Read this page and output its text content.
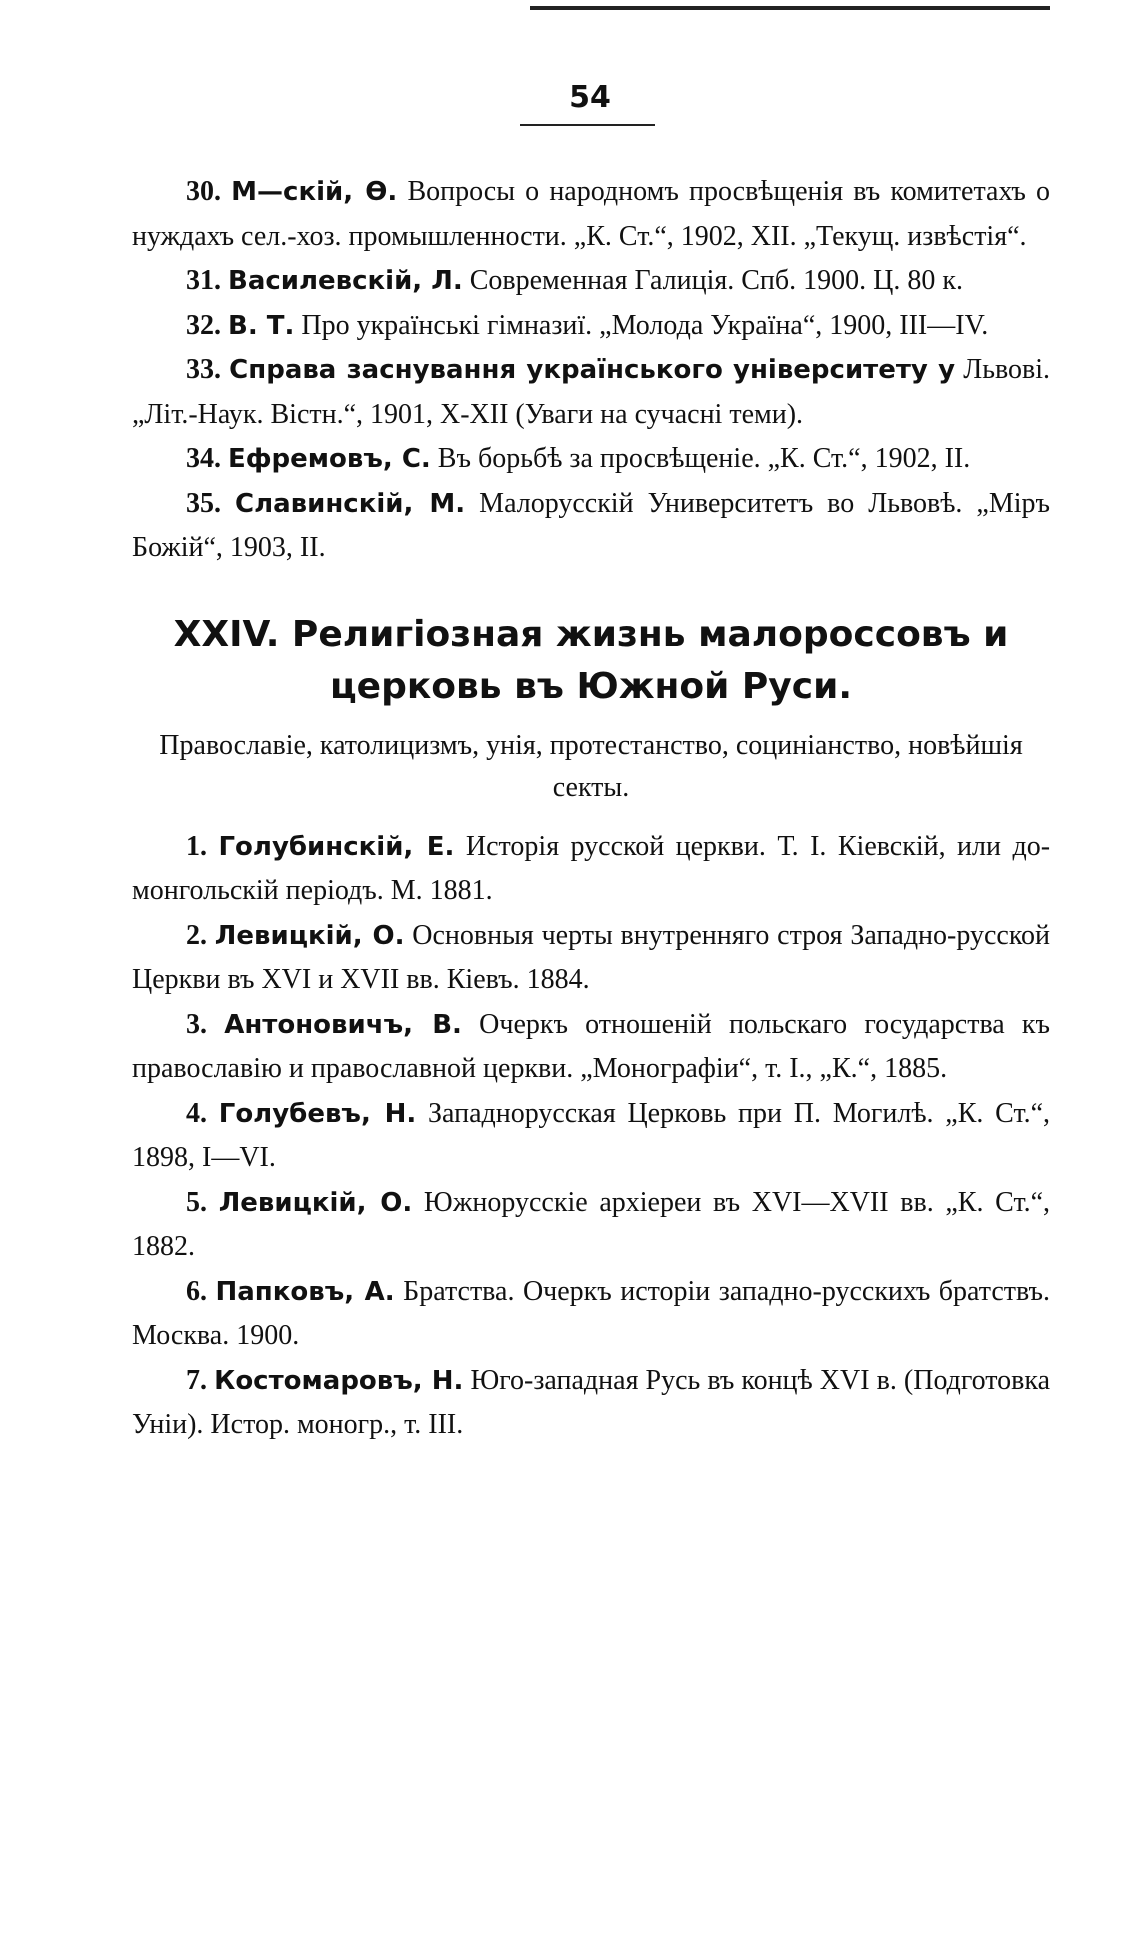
54

30. М—скій, Ѳ. Вопросы о народномъ просвѣщенія въ комитетахъ о нуждахъ сел.-хоз. промышленности. „К. Ст.“, 1902, XII. „Текущ. извѣстія“.

31. Василевскій, Л. Современная Галиція. Спб. 1900. Ц. 80 к.

32. В. Т. Про українські гімназиї. „Молода Україна“, 1900, III—IV.

33. Справа заснування українського університету у Львові. „Літ.-Наук. Вістн.“, 1901, X-XII (Уваги на сучасні теми).

34. Ефремовъ, С. Въ борьбѣ за просвѣщеніе. „К. Ст.“, 1902, II.

35. Славинскій, М. Малорусскій Университетъ во Львовѣ. „Міръ Божій“, 1903, II.

XXIV. Религіозная жизнь малороссовъ и церковь въ Южной Руси.

Православіе, католицизмъ, унія, протестанство, социніанство, новѣйшія секты.

1. Голубинскій, Е. Исторія русской церкви. Т. I. Кіевскій, или до-монгольскій періодъ. М. 1881.

2. Левицкій, О. Основныя черты внутренняго строя Западно-русской Церкви въ XVI и XVII вв. Кіевъ. 1884.

3. Антоновичъ, В. Очеркъ отношеній польскаго государства къ православію и православной церкви. „Монографіи“, т. I., „К.“, 1885.

4. Голубевъ, Н. Западнорусская Церковь при П. Могилѣ. „К. Ст.“, 1898, I—VI.

5. Левицкій, О. Южнорусскіе архіереи въ XVI—XVII вв. „К. Ст.“, 1882.

6. Папковъ, А. Братства. Очеркъ исторіи западно-русскихъ братствъ. Москва. 1900.

7. Костомаровъ, Н. Юго-западная Русь въ концѣ XVI в. (Подготовка Уніи). Истор. моногр., т. III.
